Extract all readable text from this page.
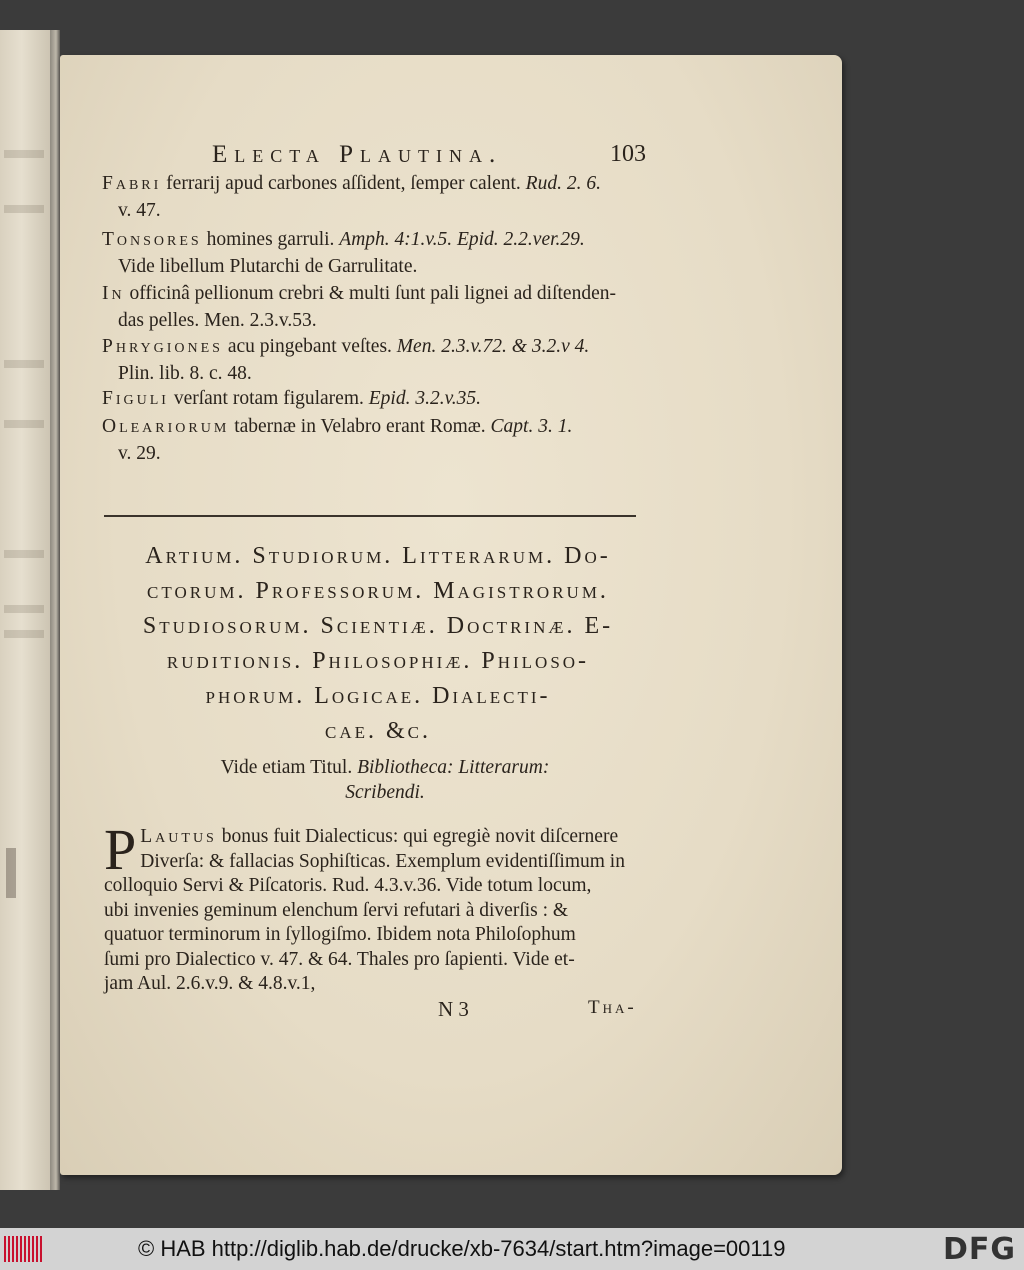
Electa Plautina.	103
Fabri ferrarij apud carbones aſſident, ſemper calent. Rud. 2. 6.
v. 47.
Tonsores homines garruli. Amph. 4:1.v.5. Epid. 2.2.ver.29.
Vide libellum Plutarchi de Garrulitate.
In officinâ pellionum crebri & multi ſunt pali lignei ad diſtenden-
das pelles. Men. 2.3.v.53.
Phrygiones acu pingebant veſtes. Men. 2.3.v.72. & 3.2.v 4.
Plin. lib. 8. c. 48.
Figuli verſant rotam figularem. Epid. 3.2.v.35.
Oleariorum tabernæ in Velabro erant Romæ. Capt. 3. 1.
v. 29.
Artium. Studiorum. Litterarum. Do-
ctorum. Professorum. Magistrorum.
Studiosorum. Scientiæ. Doctrinæ. E-
ruditionis. Philosophiæ. Philoso-
phorum. Logicae. Dialecti-
cae. &c.
Vide etiam Titul. Bibliotheca: Litterarum:
Scribendi.
P Lautus bonus fuit Dialecticus: qui egregiè novit diſcernere
Diverſa: & fallacias Sophiſticas. Exemplum evidentiſſimum in
colloquio Servi & Piſcatoris. Rud. 4.3.v.36. Vide totum locum,
ubi invenies geminum elenchum ſervi refutari à diverſis : &
quatuor terminorum in ſyllogiſmo. Ibidem nota Philoſophum
ſumi pro Dialectico v. 47. & 64. Thales pro ſapienti. Vide et-
jam Aul. 2.6.v.9. & 4.8.v.1,
N 3	Tha-
© HAB http://diglib.hab.de/drucke/xb-7634/start.htm?image=00119	DFG
